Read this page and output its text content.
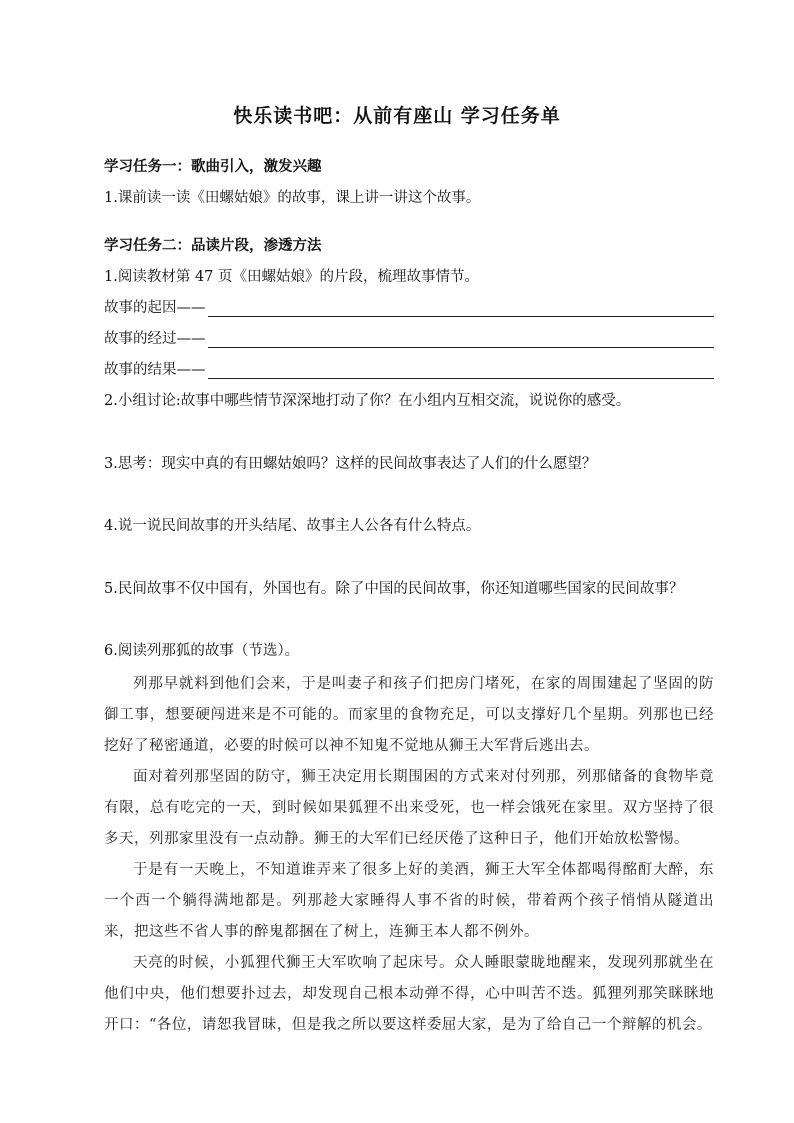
快乐读书吧：从前有座山 学习任务单
学习任务一：歌曲引入，激发兴趣
1.课前读一读《田螺姑娘》的故事，课上讲一讲这个故事。
学习任务二：品读片段，渗透方法
1.阅读教材第 47 页《田螺姑娘》的片段，梳理故事情节。
故事的起因——
故事的经过——
故事的结果——
2.小组讨论:故事中哪些情节深深地打动了你？在小组内互相交流，说说你的感受。
3.思考：现实中真的有田螺姑娘吗？这样的民间故事表达了人们的什么愿望？
4.说一说民间故事的开头结尾、故事主人公各有什么特点。
5.民间故事不仅中国有，外国也有。除了中国的民间故事，你还知道哪些国家的民间故事？
6.阅读列那狐的故事（节选）。

列那早就料到他们会来，于是叫妻子和孩子们把房门堵死，在家的周围建起了坚固的防御工事，想要硬闯进来是不可能的。而家里的食物充足，可以支撑好几个星期。列那也已经挖好了秘密通道，必要的时候可以神不知鬼不觉地从狮王大军背后逃出去。

面对着列那坚固的防守，狮王决定用长期围困的方式来对付列那，列那储备的食物毕竟有限，总有吃完的一天，到时候如果狐狸不出来受死，也一样会饿死在家里。双方坚持了很多天，列那家里没有一点动静。狮王的大军们已经厌倦了这种日子，他们开始放松警惕。

于是有一天晚上，不知道谁弄来了很多上好的美酒，狮王大军全体都喝得酩酊大醉，东一个西一个躺得满地都是。列那趁大家睡得人事不省的时候，带着两个孩子悄悄从隧道出来，把这些不省人事的醉鬼都捆在了树上，连狮王本人都不例外。

天亮的时候，小狐狸代狮王大军吹响了起床号。众人睡眼蒙眬地醒来，发现列那就坐在他们中央，他们想要扑过去，却发现自己根本动弹不得，心中叫苦不迭。狐狸列那笑眯眯地开口：“各位，请恕我冒昧，但是我之所以要这样委屈大家，是为了给自己一个辩解的机会。
